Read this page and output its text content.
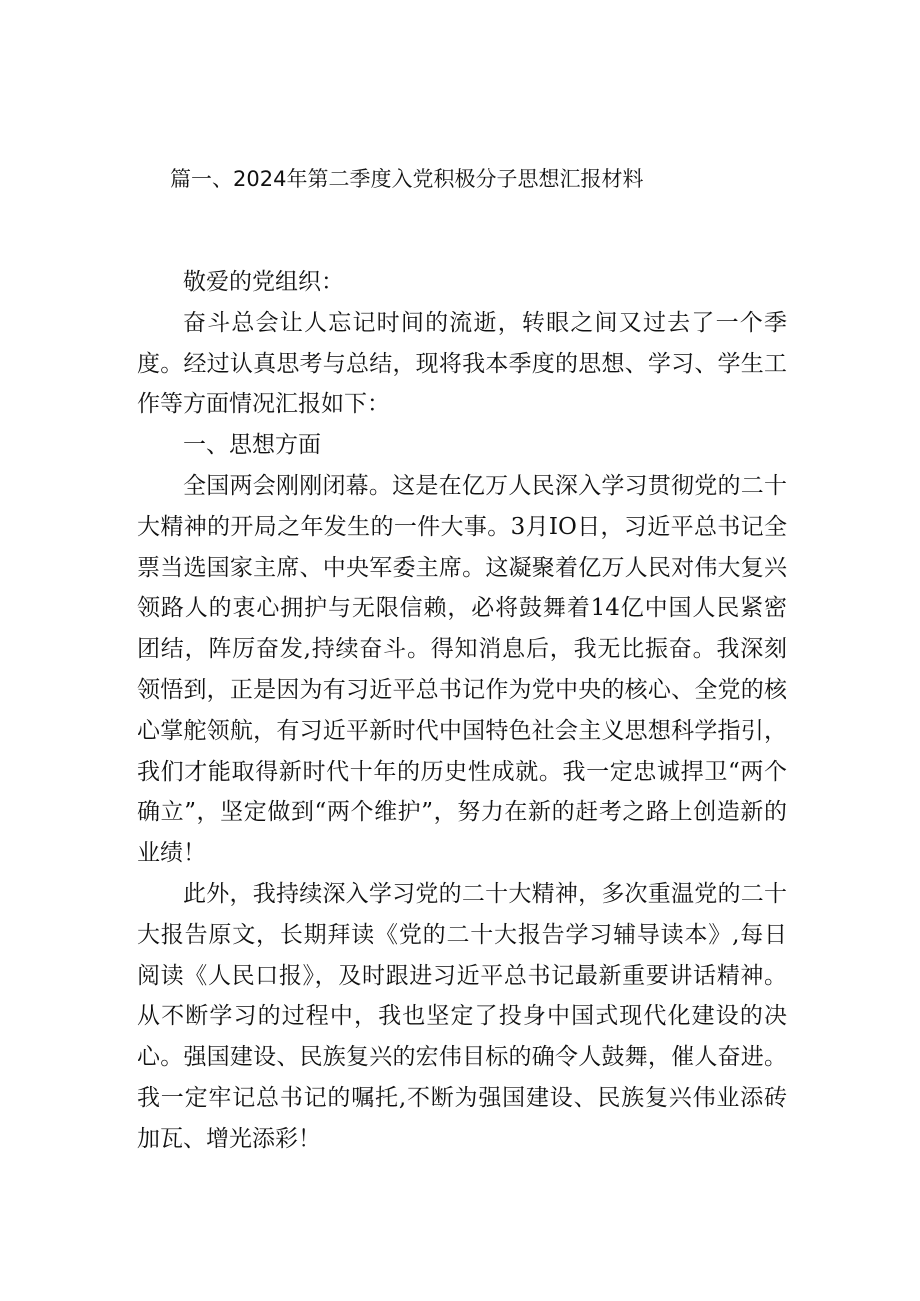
篇一、2024年第二季度入党积极分子思想汇报材料

敬爱的党组织：

奋斗总会让人忘记时间的流逝，转眼之间又过去了一个季度。经过认真思考与总结，现将我本季度的思想、学习、学生工作等方面情况汇报如下：

一、思想方面

全国两会刚刚闭幕。这是在亿万人民深入学习贯彻党的二十大精神的开局之年发生的一件大事。3月IO日，习近平总书记全票当选国家主席、中央军委主席。这凝聚着亿万人民对伟大复兴领路人的衷心拥护与无限信赖，必将鼓舞着14亿中国人民紧密团结，阵厉奋发,持续奋斗。得知消息后，我无比振奋。我深刻领悟到，正是因为有习近平总书记作为党中央的核心、全党的核心掌舵领航，有习近平新时代中国特色社会主义思想科学指引，我们才能取得新时代十年的历史性成就。我一定忠诚捍卫“两个确立”，坚定做到“两个维护”，努力在新的赶考之路上创造新的业绩！

此外，我持续深入学习党的二十大精神，多次重温党的二十大报告原文，长期拜读《党的二十大报告学习辅导读本》,每日阅读《人民口报》，及时跟进习近平总书记最新重要讲话精神。从不断学习的过程中，我也坚定了投身中国式现代化建设的决心。强国建设、民族复兴的宏伟目标的确令人鼓舞，催人奋进。我一定牢记总书记的嘱托,不断为强国建设、民族复兴伟业添砖加瓦、增光添彩！
